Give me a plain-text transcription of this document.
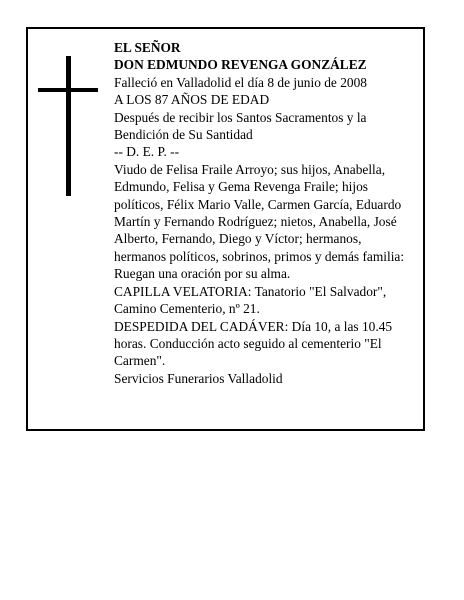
EL SEÑOR
DON EDMUNDO REVENGA GONZÁLEZ
Falleció en Valladolid el día 8 de junio de 2008
A LOS 87 AÑOS DE EDAD
Después de recibir los Santos Sacramentos y la Bendición de Su Santidad
-- D. E. P. --
Viudo de Felisa Fraile Arroyo; sus hijos, Anabella, Edmundo, Felisa y Gema Revenga Fraile; hijos políticos, Félix Mario Valle, Carmen García, Eduardo Martín y Fernando Rodríguez; nietos, Anabella, José Alberto, Fernando, Diego y Víctor; hermanos, hermanos políticos, sobrinos, primos y demás familia:
Ruegan una oración por su alma.
CAPILLA VELATORIA: Tanatorio "El Salvador", Camino Cementerio, nº 21.
DESPEDIDA DEL CADÁVER: Día 10, a las 10.45 horas. Conducción acto seguido al cementerio "El Carmen".
Servicios Funerarios Valladolid
